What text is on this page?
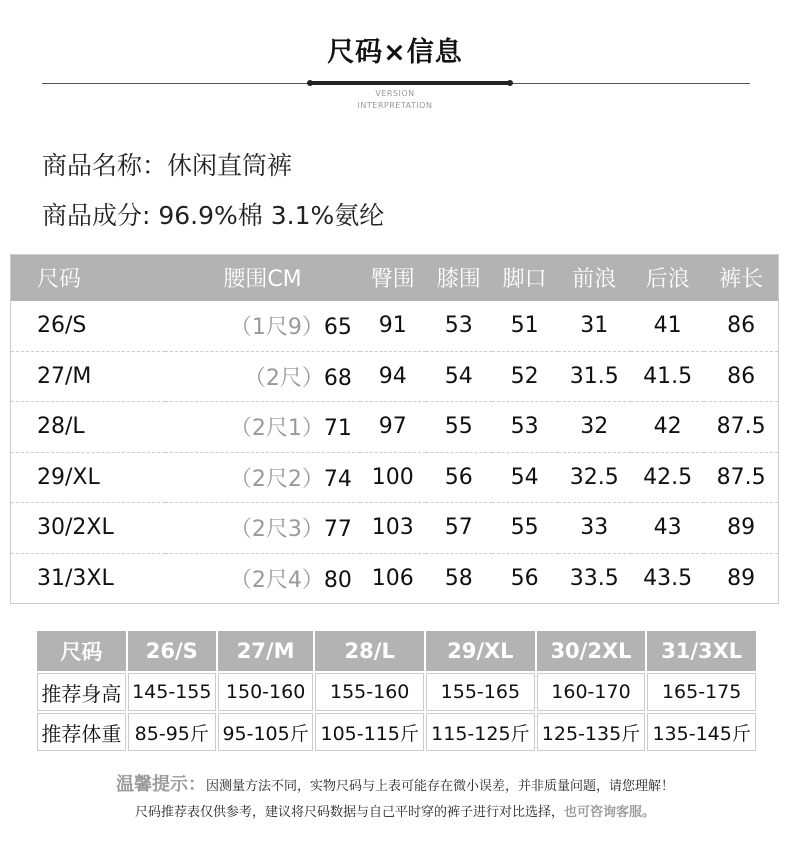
尺码×信息
VERSION
INTERPRETATION
商品名称：休闲直筒裤
商品成分: 96.9%棉 3.1%氨纶
尺码	腰围CM	臀围	膝围	脚口	前浪	后浪	裤长
26/S	（1尺9）65	91	53	51	31	41	86
27/M	（2尺）68	94	54	52	31.5	41.5	86
28/L	（2尺1）71	97	55	53	32	42	87.5
29/XL	（2尺2）74	100	56	54	32.5	42.5	87.5
30/2XL	（2尺3）77	103	57	55	33	43	89
31/3XL	（2尺4）80	106	58	56	33.5	43.5	89
尺码	26/S	27/M	28/L	29/XL	30/2XL	31/3XL
推荐身高	145-155	150-160	155-160	155-165	160-170	165-175
推荐体重	85-95斤	95-105斤	105-115斤	115-125斤	125-135斤	135-145斤
温馨提示：因测量方法不同，实物尺码与上表可能存在微小误差，并非质量问题，请您理解！
尺码推荐表仅供参考，建议将尺码数据与自己平时穿的裤子进行对比选择，也可咨询客服。
